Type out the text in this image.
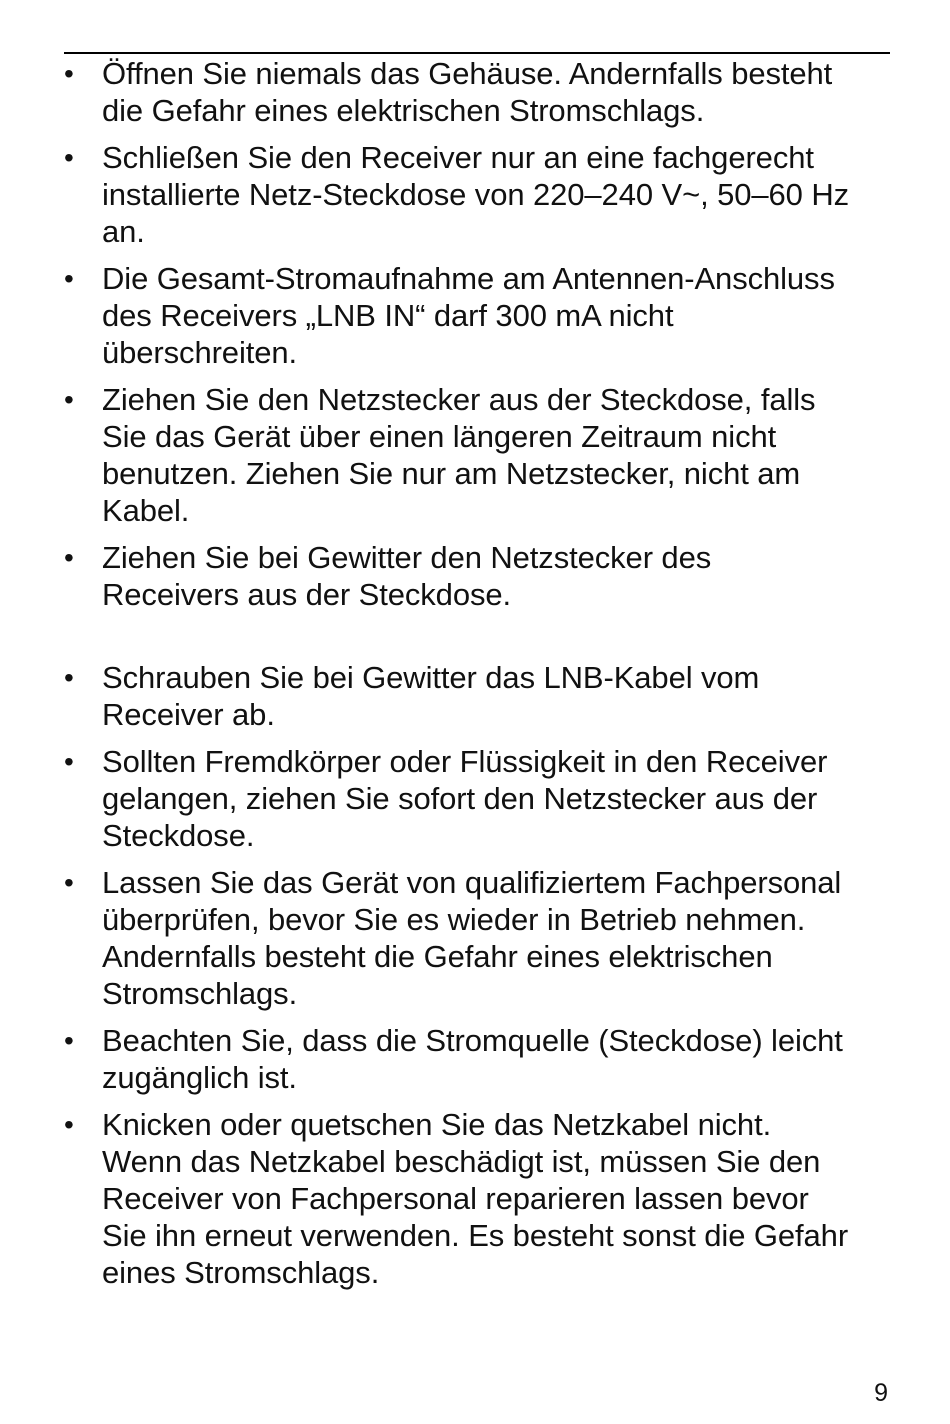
• Öffnen Sie niemals das Gehäuse. Andernfalls besteht
die Gefahr eines elektrischen Stromschlags.
• Schließen Sie den Receiver nur an eine fachgerecht
installierte Netz-Steckdose von 220–240 V~, 50–60 Hz
an.
• Die Gesamt-Stromaufnahme am Antennen-Anschluss
des Receivers „LNB IN“ darf 300 mA nicht
überschreiten.
• Ziehen Sie den Netzstecker aus der Steckdose, falls
Sie das Gerät über einen längeren Zeitraum nicht
benutzen. Ziehen Sie nur am Netzstecker, nicht am
Kabel.
• Ziehen Sie bei Gewitter den Netzstecker des
Receivers aus der Steckdose.
• Schrauben Sie bei Gewitter das LNB-Kabel vom
Receiver ab.
• Sollten Fremdkörper oder Flüssigkeit in den Receiver
gelangen, ziehen Sie sofort den Netzstecker aus der
Steckdose.
• Lassen Sie das Gerät von qualifiziertem Fachpersonal
überprüfen, bevor Sie es wieder in Betrieb nehmen.
Andernfalls besteht die Gefahr eines elektrischen
Stromschlags.
• Beachten Sie, dass die Stromquelle (Steckdose) leicht
zugänglich ist.
• Knicken oder quetschen Sie das Netzkabel nicht.
Wenn das Netzkabel beschädigt ist, müssen Sie den
Receiver von Fachpersonal reparieren lassen bevor
Sie ihn erneut verwenden. Es besteht sonst die Gefahr
eines Stromschlags.
9
